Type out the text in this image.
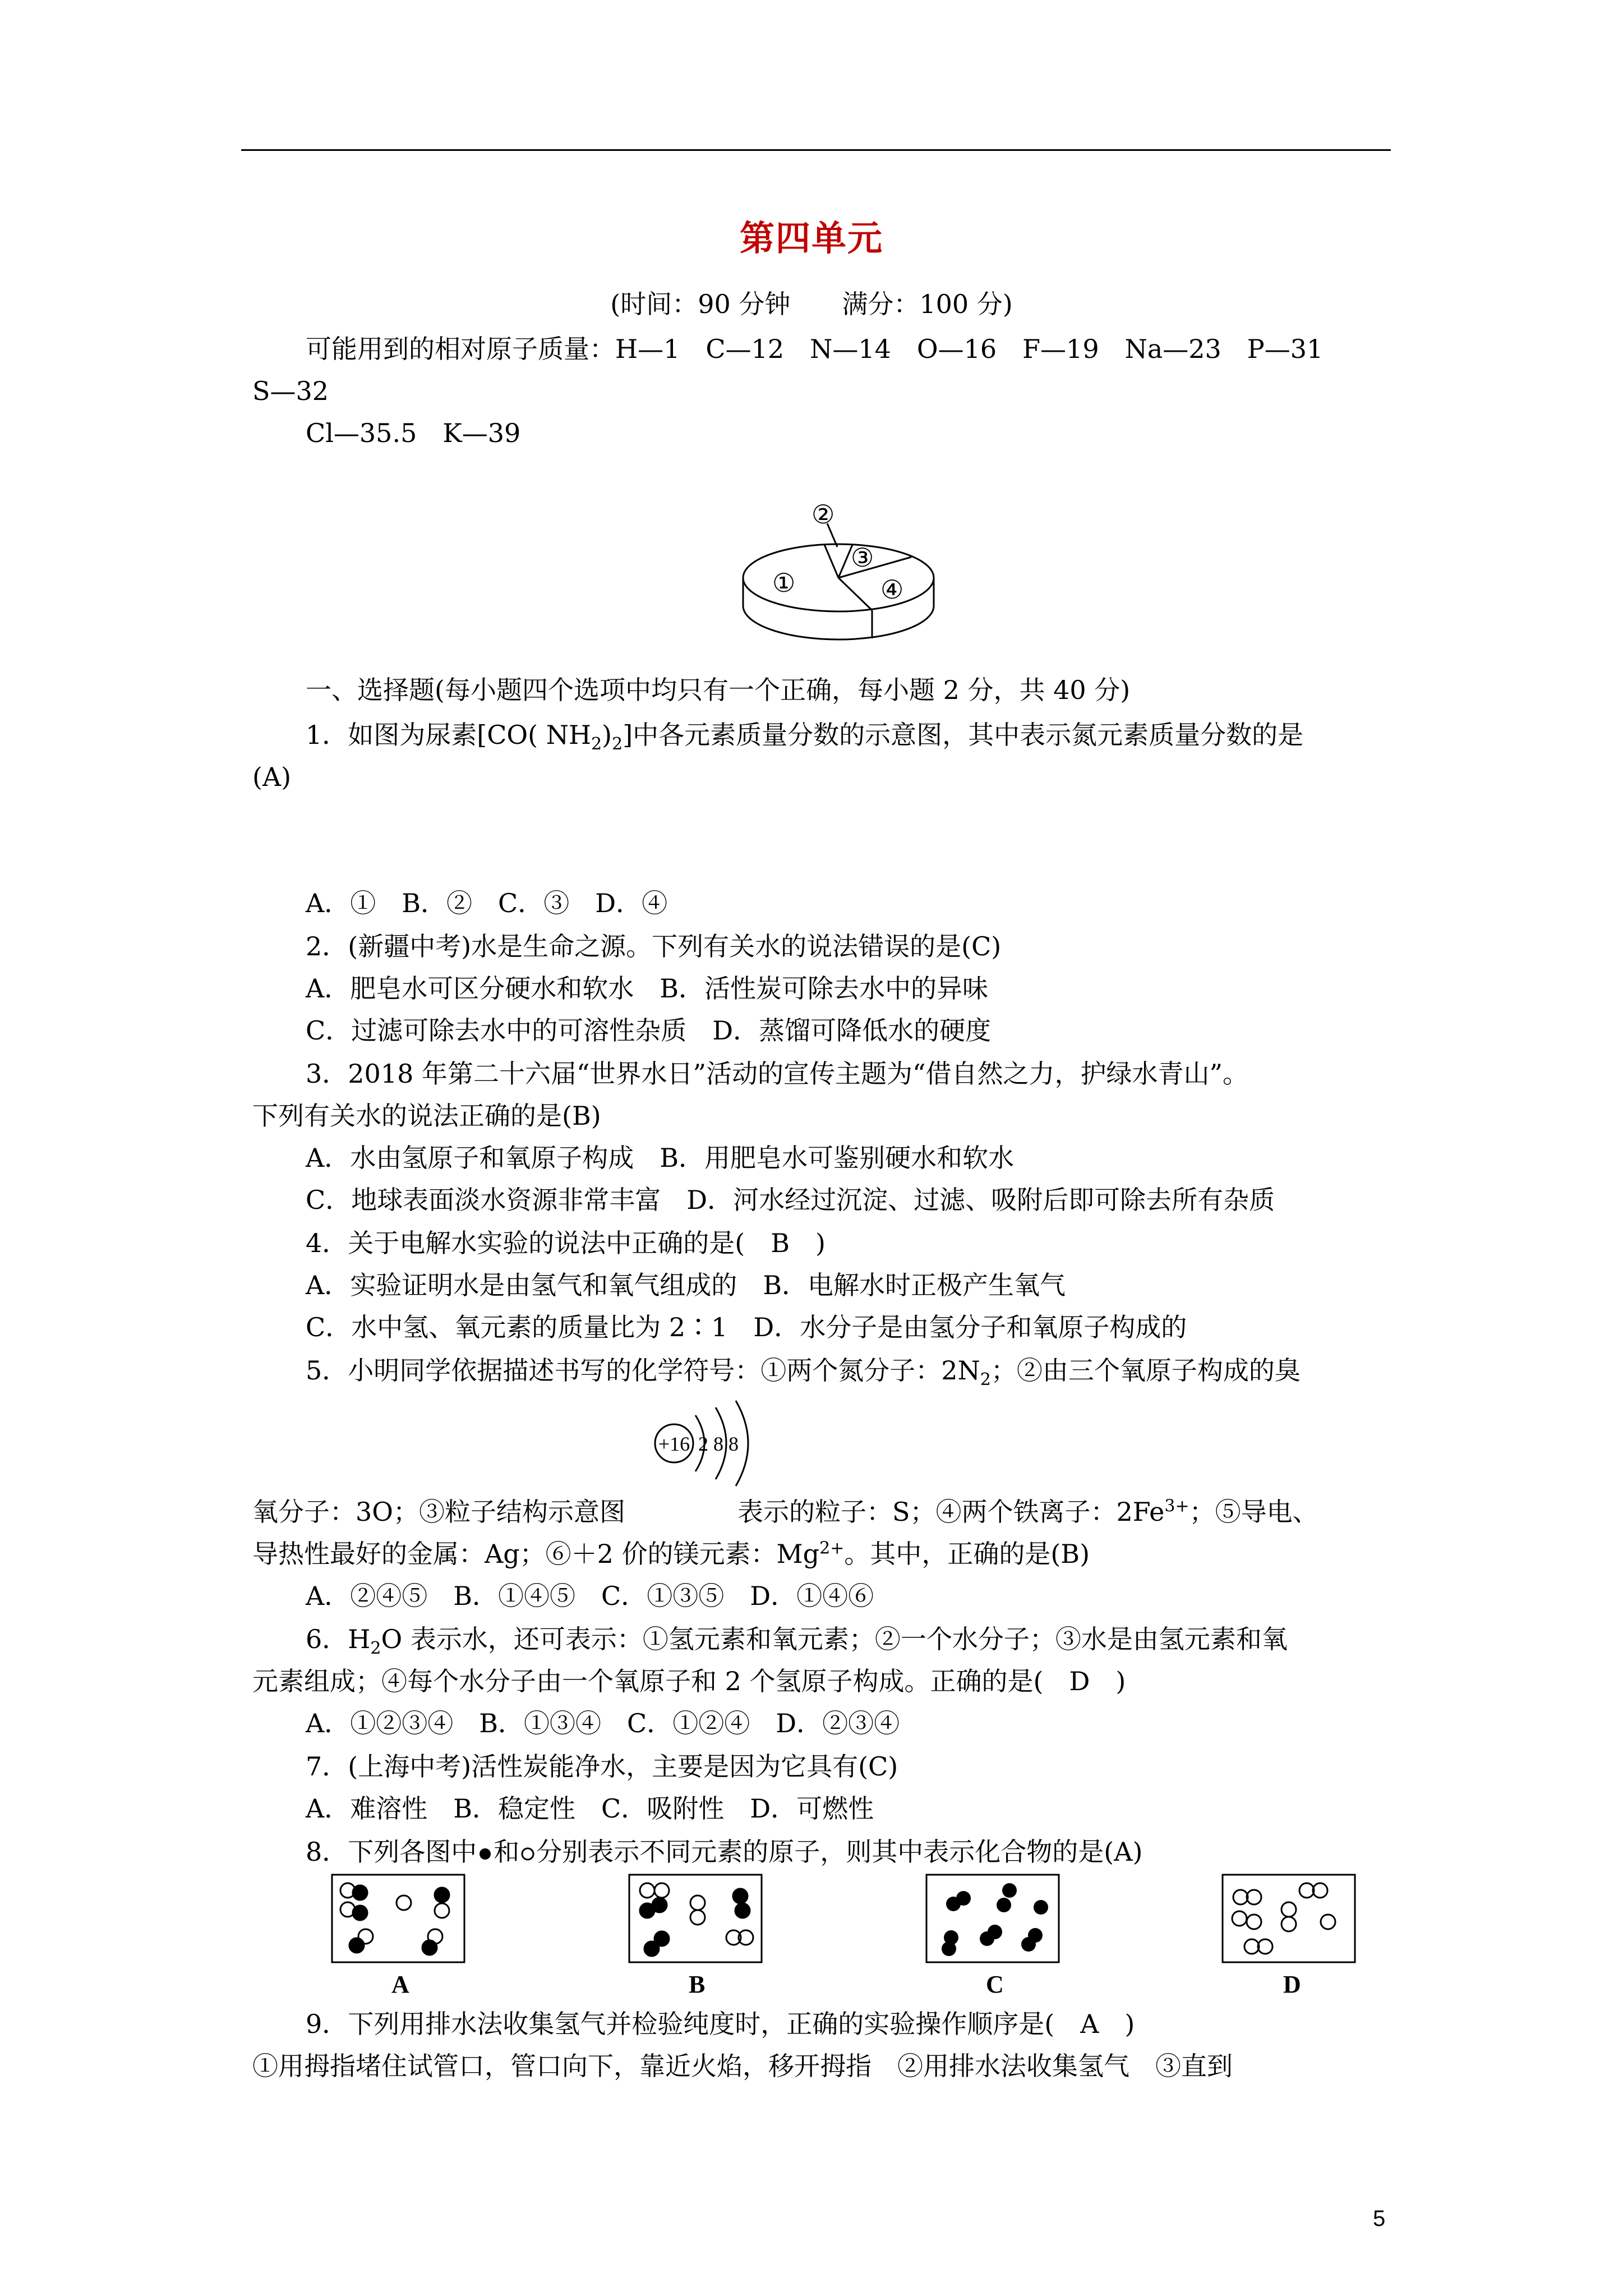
第四单元
(时间：90 分钟　　满分：100 分)
可能用到的相对原子质量：H—1　C—12　N—14　O—16　F—19　Na—23　P—31
S—32
Cl—35.5　K—39
②
①
③
④
一、选择题(每小题四个选项中均只有一个正确，每小题 2 分，共 40 分)
1．如图为尿素[CO( $NH_2)_2$]中各元素质量分数的示意图，其中表示氮元素质量分数的是
(A)
A．①　B．②　C．③　D．④
2．(新疆中考)水是生命之源。下列有关水的说法错误的是(C)
A．肥皂水可区分硬水和软水　B．活性炭可除去水中的异味
C．过滤可除去水中的可溶性杂质　D．蒸馏可降低水的硬度
3．2018 年第二十六届“世界水日”活动的宣传主题为“借自然之力，护绿水青山”。
下列有关水的说法正确的是(B)
A．水由氢原子和氧原子构成　B．用肥皂水可鉴别硬水和软水
C．地球表面淡水资源非常丰富　D．河水经过沉淀、过滤、吸附后即可除去所有杂质
4．关于电解水实验的说法中正确的是(　B　)
A．实验证明水是由氢气和氧气组成的　B．电解水时正极产生氧气
C．水中氢、氧元素的质量比为 2∶1　D．水分子是由氢分子和氧原子构成的
5．小明同学依据描述书写的化学符号：①两个氮分子：$2N_2$；②由三个氧原子构成的臭
+16 2 8 8
氧分子：3O；③粒子结构示意图	表示的粒子：S；④两个铁离子：$2Fe^{3+}$；⑤导电、
导热性最好的金属：Ag；⑥＋2 价的镁元素：$Mg^{2+}$。其中，正确的是(B)
A．②④⑤　B．①④⑤　C．①③⑤　D．①④⑥
6．$H_2O$ 表示水，还可表示：①氢元素和氧元素；②一个水分子；③水是由氢元素和氧
元素组成；④每个水分子由一个氧原子和 2 个氢原子构成。正确的是(　D　)
A．①②③④　B．①③④　C．①②④　D．②③④
7．(上海中考)活性炭能净水，主要是因为它具有(C)
A．难溶性　B．稳定性　C．吸附性　D．可燃性
8．下列各图中 和 分别表示不同元素的原子，则其中表示化合物的是(A)
A	B	C	D
9．下列用排水法收集氢气并检验纯度时，正确的实验操作顺序是(　A　)
①用拇指堵住试管口，管口向下，靠近火焰，移开拇指　②用排水法收集氢气　③直到
5
